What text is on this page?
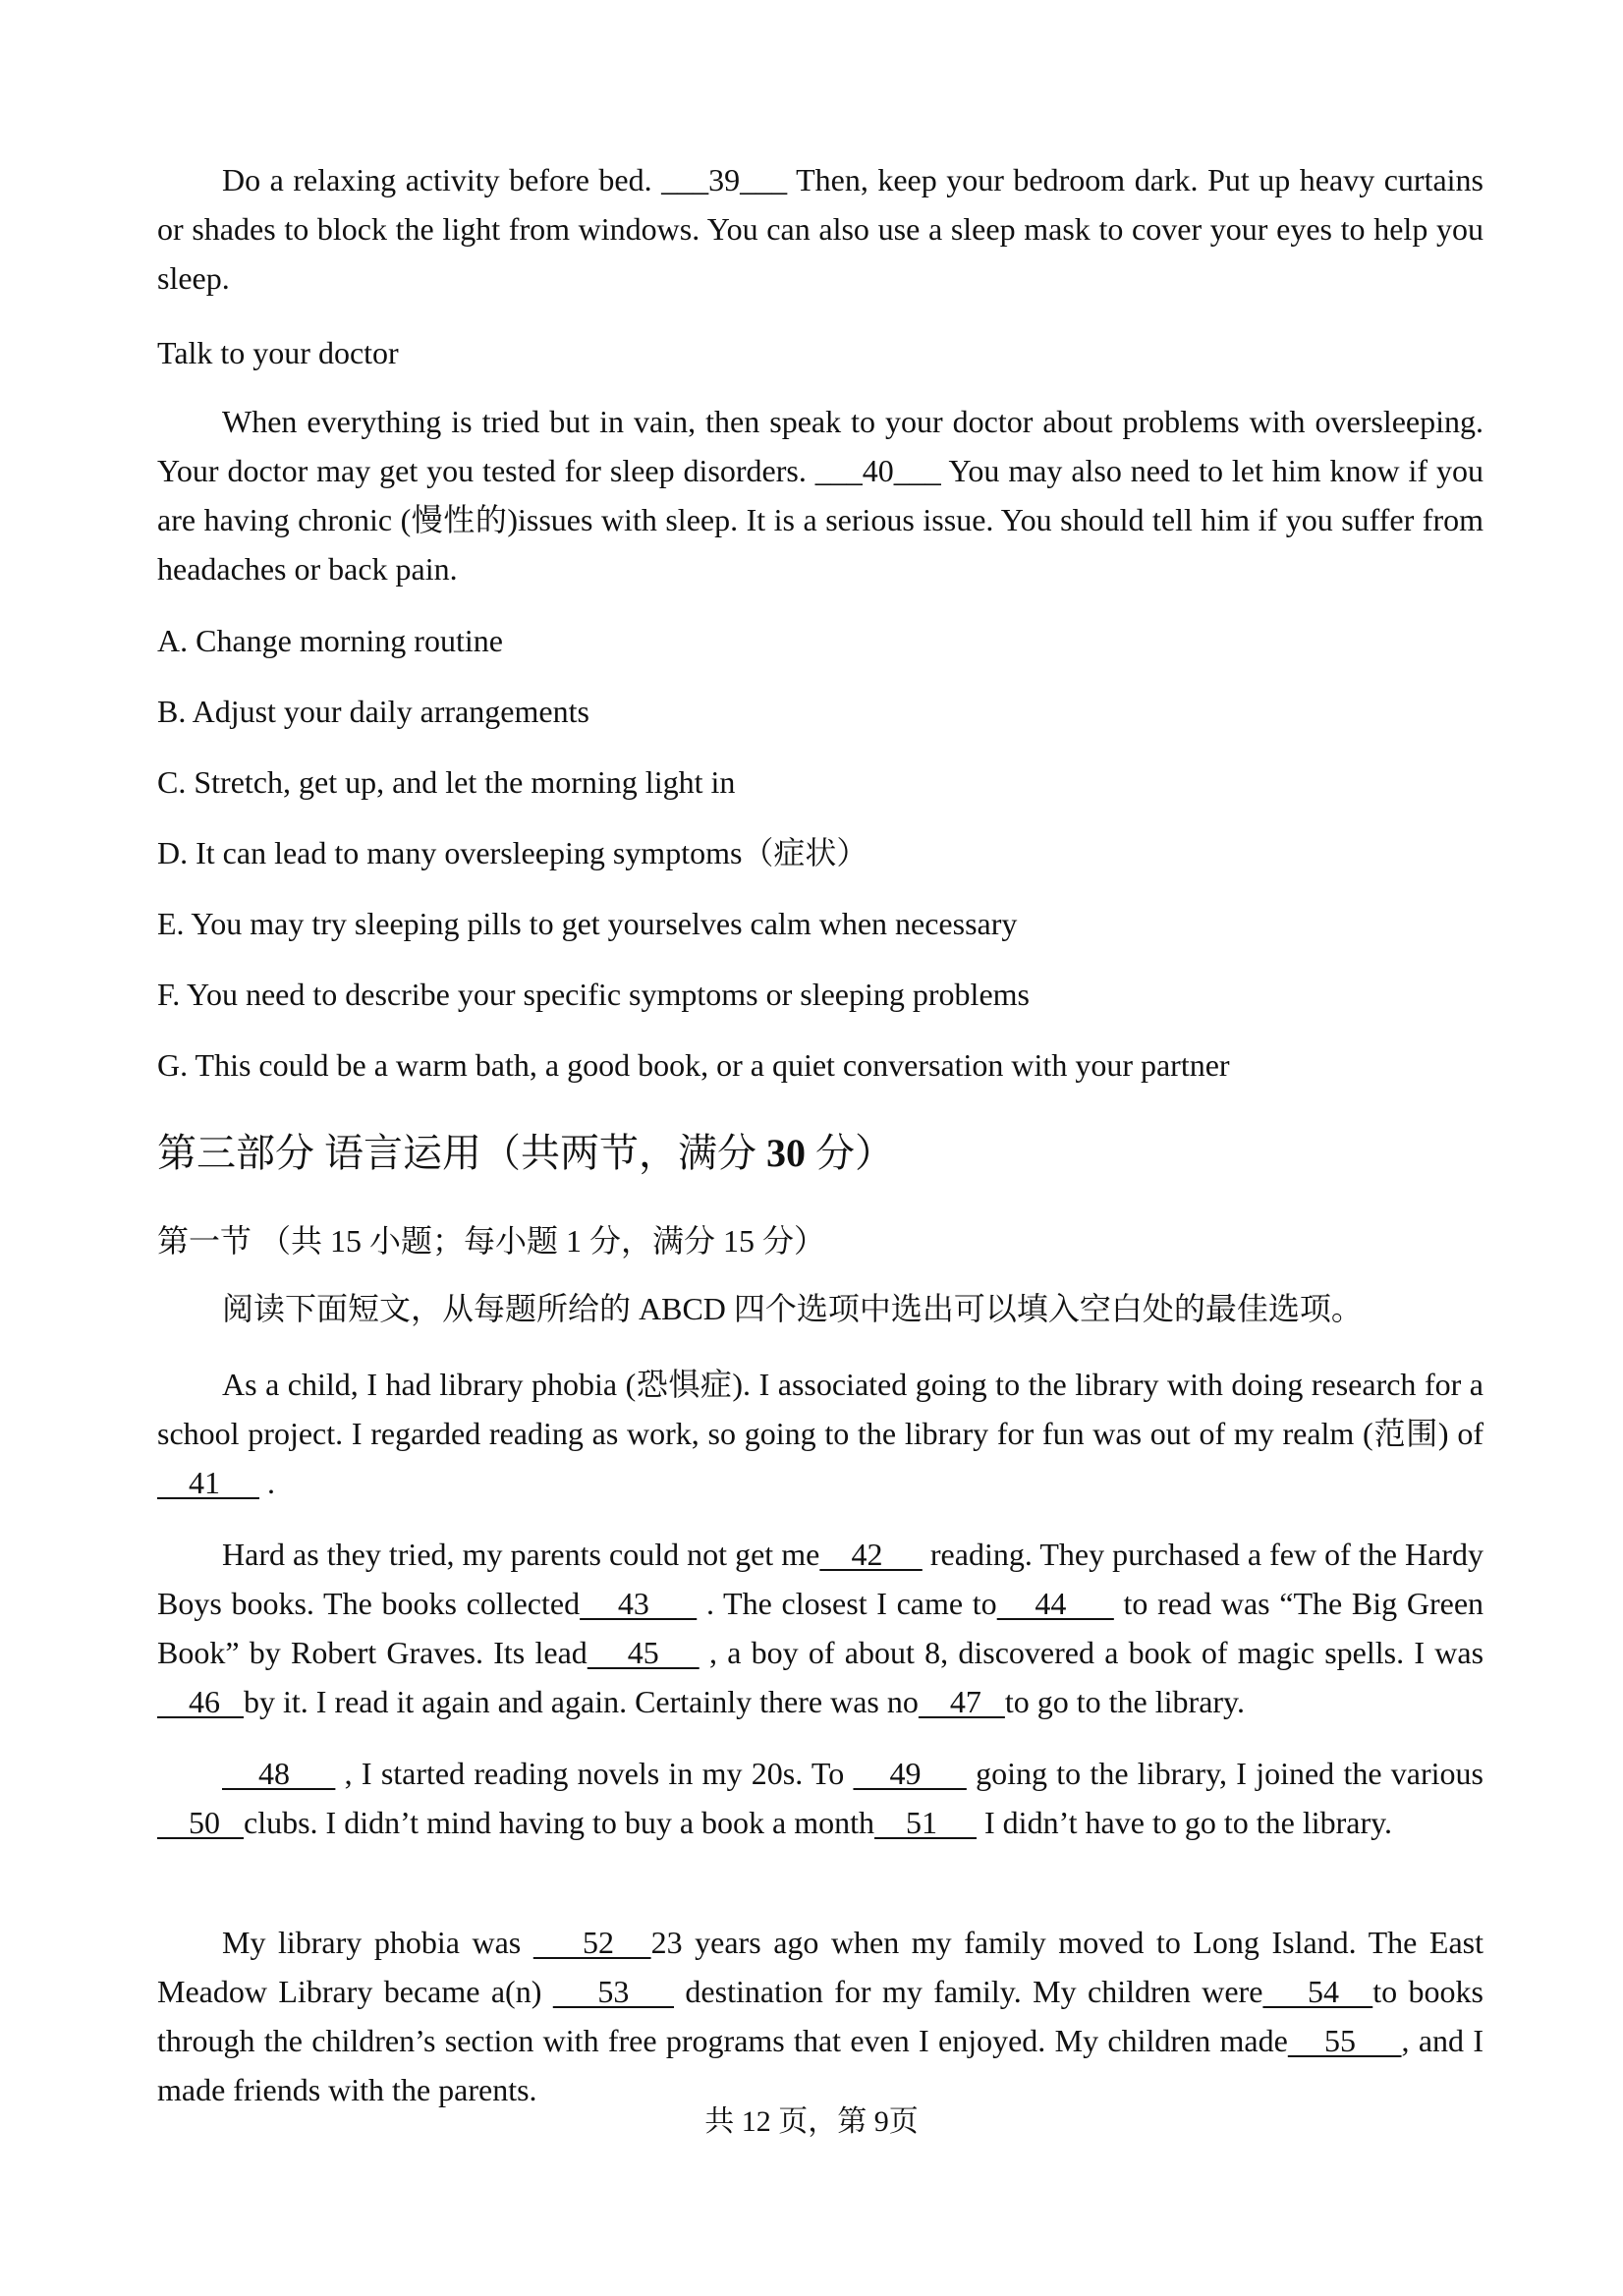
Do a relaxing activity before bed. ___39___ Then, keep your bedroom dark. Put up heavy curtains or shades to block the light from windows. You can also use a sleep mask to cover your eyes to help you sleep.

Talk to your doctor

When everything is tried but in vain, then speak to your doctor about problems with oversleeping. Your doctor may get you tested for sleep disorders. ___40___ You may also need to let him know if you are having chronic (慢性的)issues with sleep. It is a serious issue. You should tell him if you suffer from headaches or back pain.

A. Change morning routine

B. Adjust your daily arrangements

C. Stretch, get up, and let the morning light in

D. It can lead to many oversleeping symptoms（症状）

E. You may try sleeping pills to get yourselves calm when necessary

F. You need to describe your specific symptoms or sleeping problems

G. This could be a warm bath, a good book, or a quiet conversation with your partner

第三部分 语言运用（共两节，满分 30 分）

第一节 （共 15 小题；每小题 1 分，满分 15 分）

阅读下面短文，从每题所给的 ABCD 四个选项中选出可以填入空白处的最佳选项。

As a child, I had library phobia (恐惧症). I associated going to the library with doing research for a school project. I regarded reading as work, so going to the library for fun was out of my realm (范围) of    41      .

Hard as they tried, my parents could not get me    42      reading. They purchased a few of the Hardy Boys books. The books collected    43      . The closest I came to    44      to read was “The Big Green Book” by Robert Graves. Its lead    45     , a boy of about 8, discovered a book of magic spells. I was    46   by it. I read it again and again. Certainly there was no    47   to go to the library.

48      , I started reading novels in my 20s. To     49      going to the library, I joined the various    50   clubs. I didn’t mind having to buy a book a month    51      I didn’t have to go to the library.

My library phobia was     52   23 years ago when my family moved to Long Island. The East Meadow Library became a(n)     53     destination for my family. My children were    54   to books through the children’s section with free programs that even I enjoyed. My children made    55     , and I made friends with the parents.

共 12 页，第 9页
